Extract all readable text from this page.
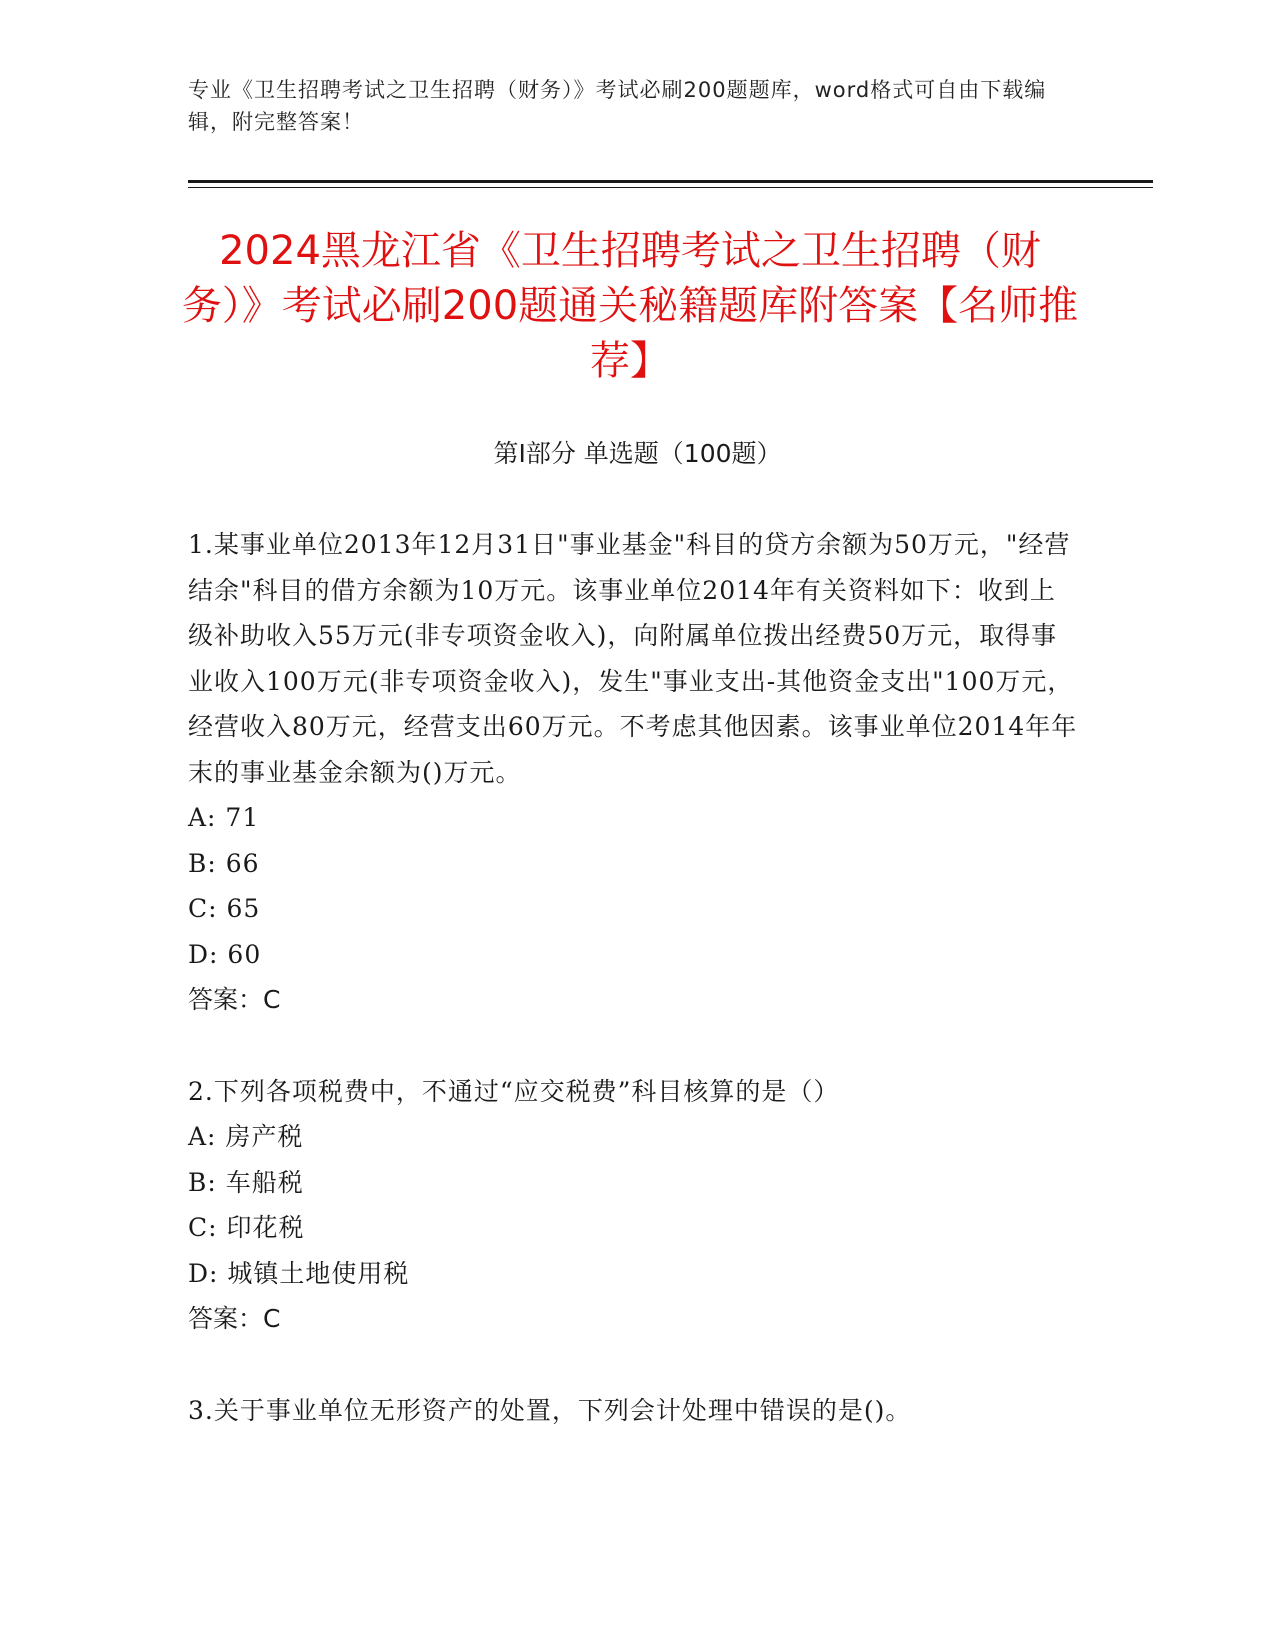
专业《卫生招聘考试之卫生招聘（财务）》考试必刷200题题库，word格式可自由下载编辑，附完整答案！
2024黑龙江省《卫生招聘考试之卫生招聘（财务）》考试必刷200题通关秘籍题库附答案【名师推荐】
第I部分 单选题（100题）

1.某事业单位2013年12月31日"事业基金"科目的贷方余额为50万元，"经营结余"科目的借方余额为10万元。该事业单位2014年有关资料如下：收到上级补助收入55万元(非专项资金收入)，向附属单位拨出经费50万元，取得事业收入100万元(非专项资金收入)，发生"事业支出-其他资金支出"100万元，经营收入80万元，经营支出60万元。不考虑其他因素。该事业单位2014年年末的事业基金余额为()万元。

A: 71

B: 66

C: 65

D: 60

答案：C

2.下列各项税费中，不通过“应交税费”科目核算的是（）

A: 房产税

B: 车船税

C: 印花税

D: 城镇土地使用税

答案：C

3.关于事业单位无形资产的处置，下列会计处理中错误的是()。
